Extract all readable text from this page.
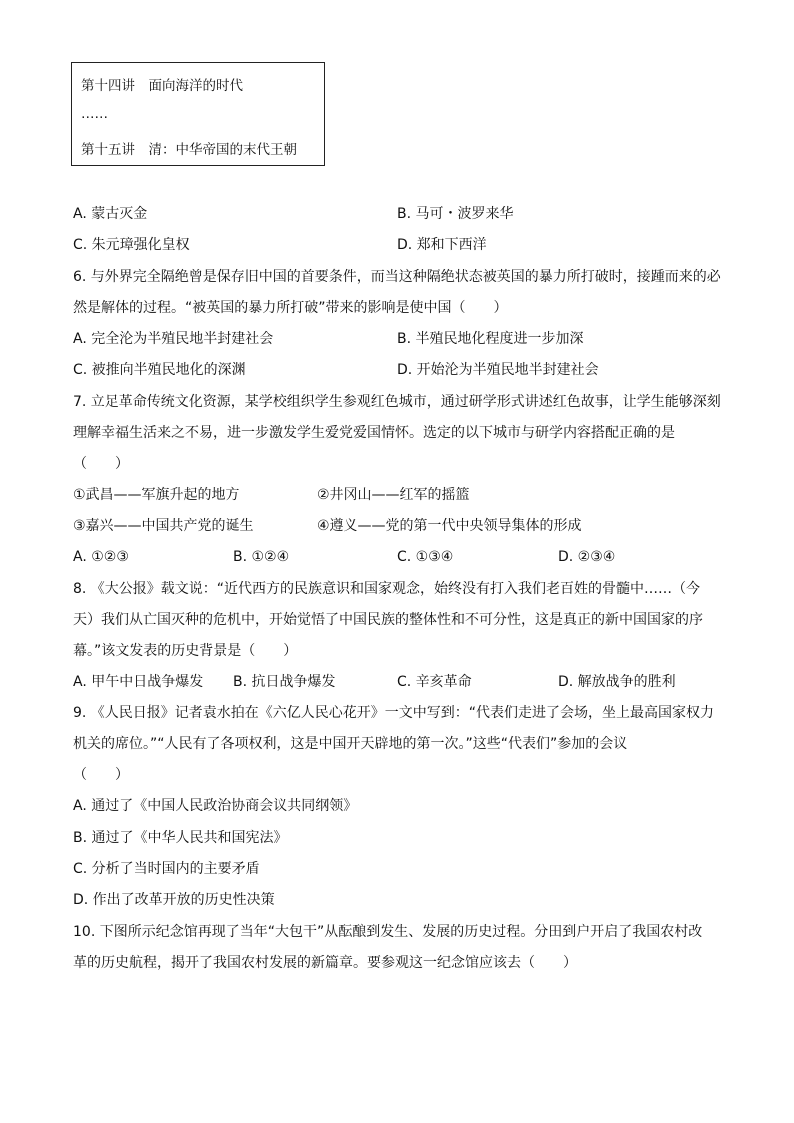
第十四讲　面向海洋的时代
……
第十五讲　清：中华帝国的末代王朝
A. 蒙古灭金	B. 马可・波罗来华
C. 朱元璋强化皇权	D. 郑和下西洋
6. 与外界完全隔绝曾是保存旧中国的首要条件，而当这种隔绝状态被英国的暴力所打破时，接踵而来的必
然是解体的过程。“被英国的暴力所打破”带来的影响是使中国（　　）
A. 完全沦为半殖民地半封建社会	B. 半殖民地化程度进一步加深
C. 被推向半殖民地化的深渊	D. 开始沦为半殖民地半封建社会
7. 立足革命传统文化资源，某学校组织学生参观红色城市，通过研学形式讲述红色故事，让学生能够深刻
理解幸福生活来之不易，进一步激发学生爱党爱国情怀。选定的以下城市与研学内容搭配正确的是
（　　）
①武昌——军旗升起的地方	②井冈山——红军的摇篮
③嘉兴——中国共产党的诞生	④遵义——党的第一代中央领导集体的形成
A. ①②③	B. ①②④	C. ①③④	D. ②③④
8. 《大公报》载文说：“近代西方的民族意识和国家观念，始终没有打入我们老百姓的骨髓中……（今
天）我们从亡国灭种的危机中，开始觉悟了中国民族的整体性和不可分性，这是真正的新中国国家的序
幕。”该文发表的历史背景是（　　）
A. 甲午中日战争爆发 B. 抗日战争爆发	C. 辛亥革命	D. 解放战争的胜利
9. 《人民日报》记者袁水拍在《六亿人民心花开》一文中写到：“代表们走进了会场，坐上最高国家权力
机关的席位。”“人民有了各项权利，这是中国开天辟地的第一次。”这些“代表们”参加的会议
（　　）
A. 通过了《中国人民政治协商会议共同纲领》
B. 通过了《中华人民共和国宪法》
C. 分析了当时国内的主要矛盾
D. 作出了改革开放的历史性决策
10. 下图所示纪念馆再现了当年“大包干”从酝酿到发生、发展的历史过程。分田到户开启了我国农村改
革的历史航程，揭开了我国农村发展的新篇章。要参观这一纪念馆应该去（　　）
